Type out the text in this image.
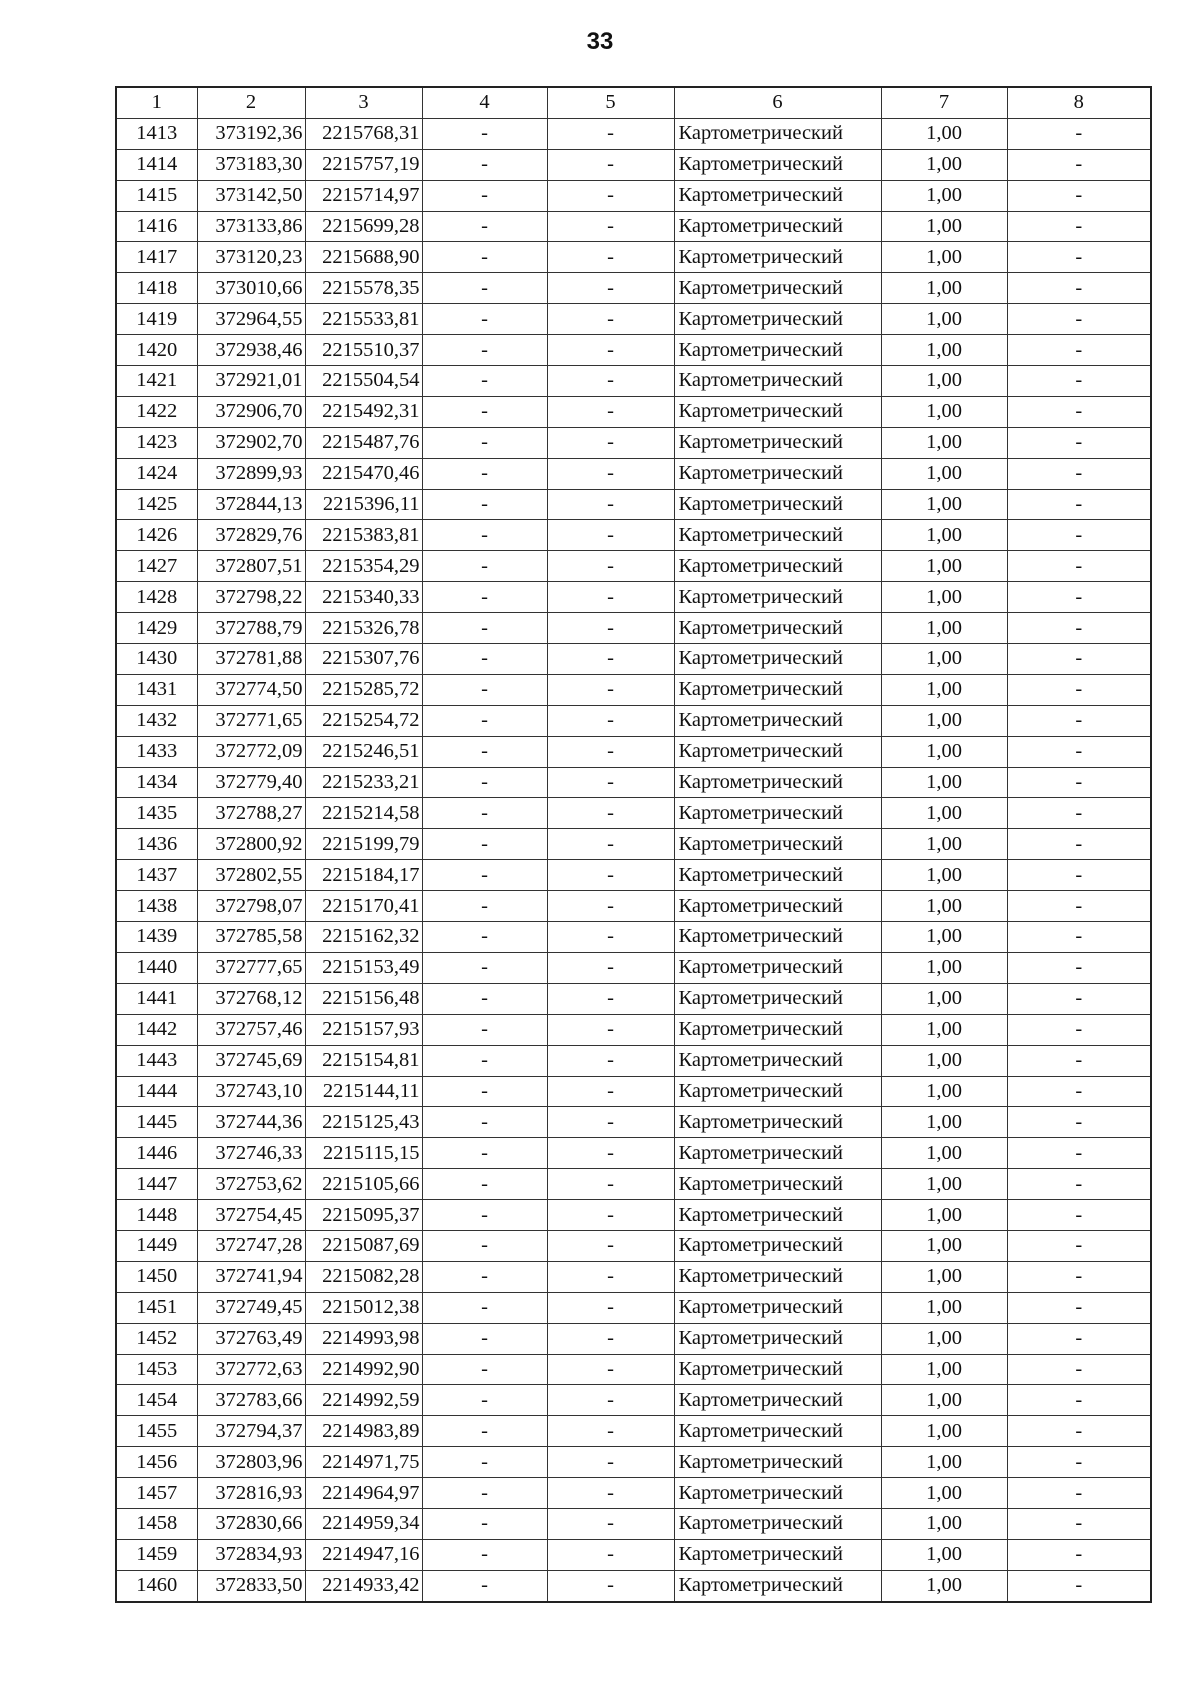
33
1	2	3	4	5	6	7	8
1413	373192,36	2215768,31	-	-	Картометрический	1,00	-
1414	373183,30	2215757,19	-	-	Картометрический	1,00	-
1415	373142,50	2215714,97	-	-	Картометрический	1,00	-
1416	373133,86	2215699,28	-	-	Картометрический	1,00	-
1417	373120,23	2215688,90	-	-	Картометрический	1,00	-
1418	373010,66	2215578,35	-	-	Картометрический	1,00	-
1419	372964,55	2215533,81	-	-	Картометрический	1,00	-
1420	372938,46	2215510,37	-	-	Картометрический	1,00	-
1421	372921,01	2215504,54	-	-	Картометрический	1,00	-
1422	372906,70	2215492,31	-	-	Картометрический	1,00	-
1423	372902,70	2215487,76	-	-	Картометрический	1,00	-
1424	372899,93	2215470,46	-	-	Картометрический	1,00	-
1425	372844,13	2215396,11	-	-	Картометрический	1,00	-
1426	372829,76	2215383,81	-	-	Картометрический	1,00	-
1427	372807,51	2215354,29	-	-	Картометрический	1,00	-
1428	372798,22	2215340,33	-	-	Картометрический	1,00	-
1429	372788,79	2215326,78	-	-	Картометрический	1,00	-
1430	372781,88	2215307,76	-	-	Картометрический	1,00	-
1431	372774,50	2215285,72	-	-	Картометрический	1,00	-
1432	372771,65	2215254,72	-	-	Картометрический	1,00	-
1433	372772,09	2215246,51	-	-	Картометрический	1,00	-
1434	372779,40	2215233,21	-	-	Картометрический	1,00	-
1435	372788,27	2215214,58	-	-	Картометрический	1,00	-
1436	372800,92	2215199,79	-	-	Картометрический	1,00	-
1437	372802,55	2215184,17	-	-	Картометрический	1,00	-
1438	372798,07	2215170,41	-	-	Картометрический	1,00	-
1439	372785,58	2215162,32	-	-	Картометрический	1,00	-
1440	372777,65	2215153,49	-	-	Картометрический	1,00	-
1441	372768,12	2215156,48	-	-	Картометрический	1,00	-
1442	372757,46	2215157,93	-	-	Картометрический	1,00	-
1443	372745,69	2215154,81	-	-	Картометрический	1,00	-
1444	372743,10	2215144,11	-	-	Картометрический	1,00	-
1445	372744,36	2215125,43	-	-	Картометрический	1,00	-
1446	372746,33	2215115,15	-	-	Картометрический	1,00	-
1447	372753,62	2215105,66	-	-	Картометрический	1,00	-
1448	372754,45	2215095,37	-	-	Картометрический	1,00	-
1449	372747,28	2215087,69	-	-	Картометрический	1,00	-
1450	372741,94	2215082,28	-	-	Картометрический	1,00	-
1451	372749,45	2215012,38	-	-	Картометрический	1,00	-
1452	372763,49	2214993,98	-	-	Картометрический	1,00	-
1453	372772,63	2214992,90	-	-	Картометрический	1,00	-
1454	372783,66	2214992,59	-	-	Картометрический	1,00	-
1455	372794,37	2214983,89	-	-	Картометрический	1,00	-
1456	372803,96	2214971,75	-	-	Картометрический	1,00	-
1457	372816,93	2214964,97	-	-	Картометрический	1,00	-
1458	372830,66	2214959,34	-	-	Картометрический	1,00	-
1459	372834,93	2214947,16	-	-	Картометрический	1,00	-
1460	372833,50	2214933,42	-	-	Картометрический	1,00	-
